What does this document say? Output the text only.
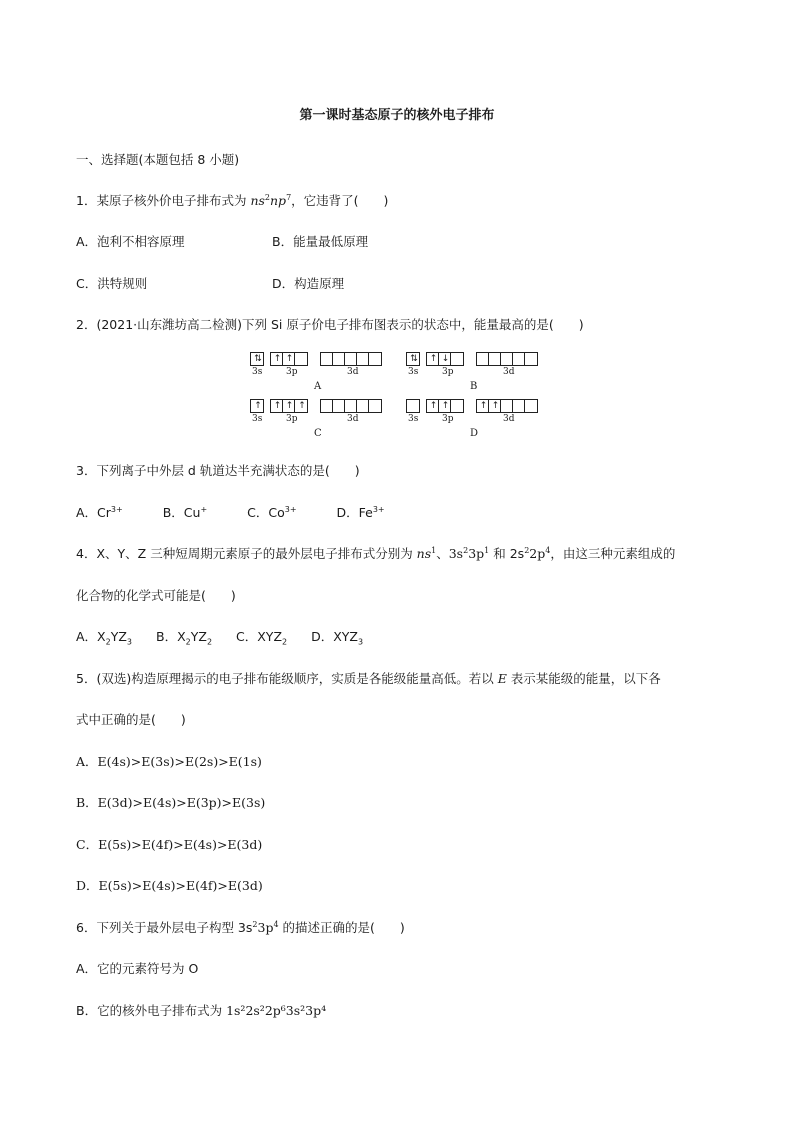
第一课时基态原子的核外电子排布
一、选择题(本题包括 8 小题)
1．某原子核外价电子排布式为 $ns^2np^7$，它违背了(　　)
A．泡利不相容原理	B．能量最低原理
C．洪特规则	D．构造原理
2．(2021·山东潍坊高二检测)下列 Si 原子价电子排布图表示的状态中，能量最高的是(　　)
⇅	↑ ↑
3s	3p	3d
A
⇅	↑ ↓
3s	3p	3d
B
↑	↑ ↑ ↑
3s	3p	3d
C
↑ ↑	↑ ↑
3s	3p	3d
D
3．下列离子中外层 d 轨道达半充满状态的是(　　)
A．$Cr^{3+}$	B．Cu+	C．$Co^{3+}$	D．$Fe^{3+}$
4．X、Y、Z 三种短周期元素原子的最外层电子排布式分别为 $ns^1$、$3s^23p^1$ 和 $2s^22p^4$，由这三种元素组成的
化合物的化学式可能是(　　)
A．$X_2YZ_3$ B．$X_2YZ_2$ C．$XYZ_2$ D．$XYZ_3$
5．(双选)构造原理揭示的电子排布能级顺序，实质是各能级能量高低。若以 E 表示某能级的能量，以下各
式中正确的是(　　)
A．E(4s)>E(3s)>E(2s)>E(1s)
B．E(3d)>E(4s)>E(3p)>E(3s)
C．E(5s)>E(4f)>E(4s)>E(3d)
D．E(5s)>E(4s)>E(4f)>E(3d)
6．下列关于最外层电子构型 $3s^23p^4$ 的描述正确的是(　　)
A．它的元素符号为 O
B．它的核外电子排布式为 1s²2s²2p⁶3s²3p⁴
